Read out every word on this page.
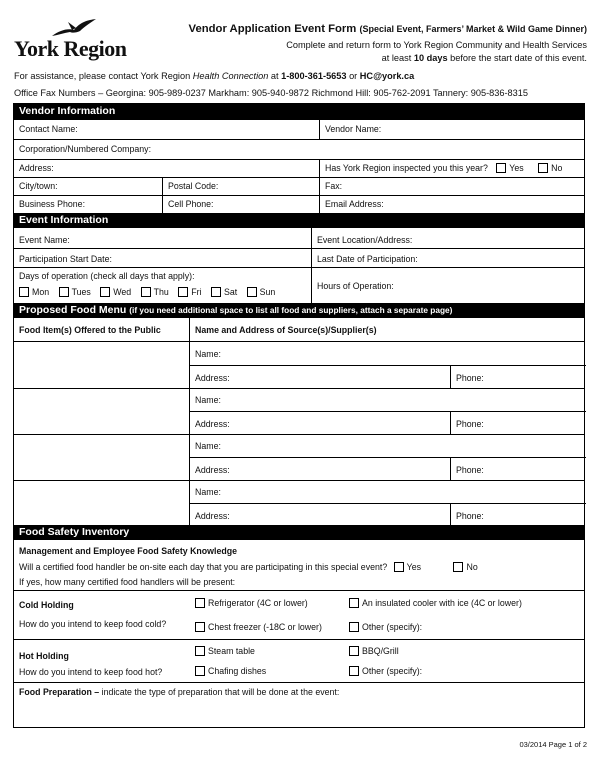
York Region
Vendor Application Event Form (Special Event, Farmers’ Market & Wild Game Dinner)
Complete and return form to York Region Community and Health Services
at least 10 days before the start date of this event.
For assistance, please contact York Region Health Connection at 1-800-361-5653 or HC@york.ca
Office Fax Numbers – Georgina: 905-989-0237 Markham: 905-940-9872 Richmond Hill: 905-762-2091 Tannery: 905-836-8315
Vendor Information
Contact Name:	Vendor Name:
Corporation/Numbered Company:
Address:	Has York Region inspected you this year? Yes	No
City/town:	Postal Code:	Fax:
Business Phone:	Cell Phone:	Email Address:
Event Information
Event Name:	Event Location/Address:
Participation Start Date:	Last Date of Participation:
Days of operation (check all days that apply):
Mon	Tues	Wed	Thu	Fri	Sat	Sun
Hours of Operation:
Proposed Food Menu (if you need additional space to list all food and suppliers, attach a separate page)
Food Item(s) Offered to the Public	Name and Address of Source(s)/Supplier(s)
Name:
Address:	Phone:
Name:
Address:	Phone:
Name:
Address:	Phone:
Name:
Address:	Phone:
Food Safety Inventory
Management and Employee Food Safety Knowledge
Will a certified food handler be on-site each day that you are participating in this special event? Yes	No
If yes, how many certified food handlers will be present:
Cold Holding
How do you intend to keep food cold?
Refrigerator (4C or lower)	An insulated cooler with ice (4C or lower)
Chest freezer (-18C or lower)	Other (specify):
Hot Holding
How do you intend to keep food hot?
Steam table	BBQ/Grill
Chafing dishes	Other (specify):
Food Preparation – indicate the type of preparation that will be done at the event:
03/2014 Page 1 of 2
